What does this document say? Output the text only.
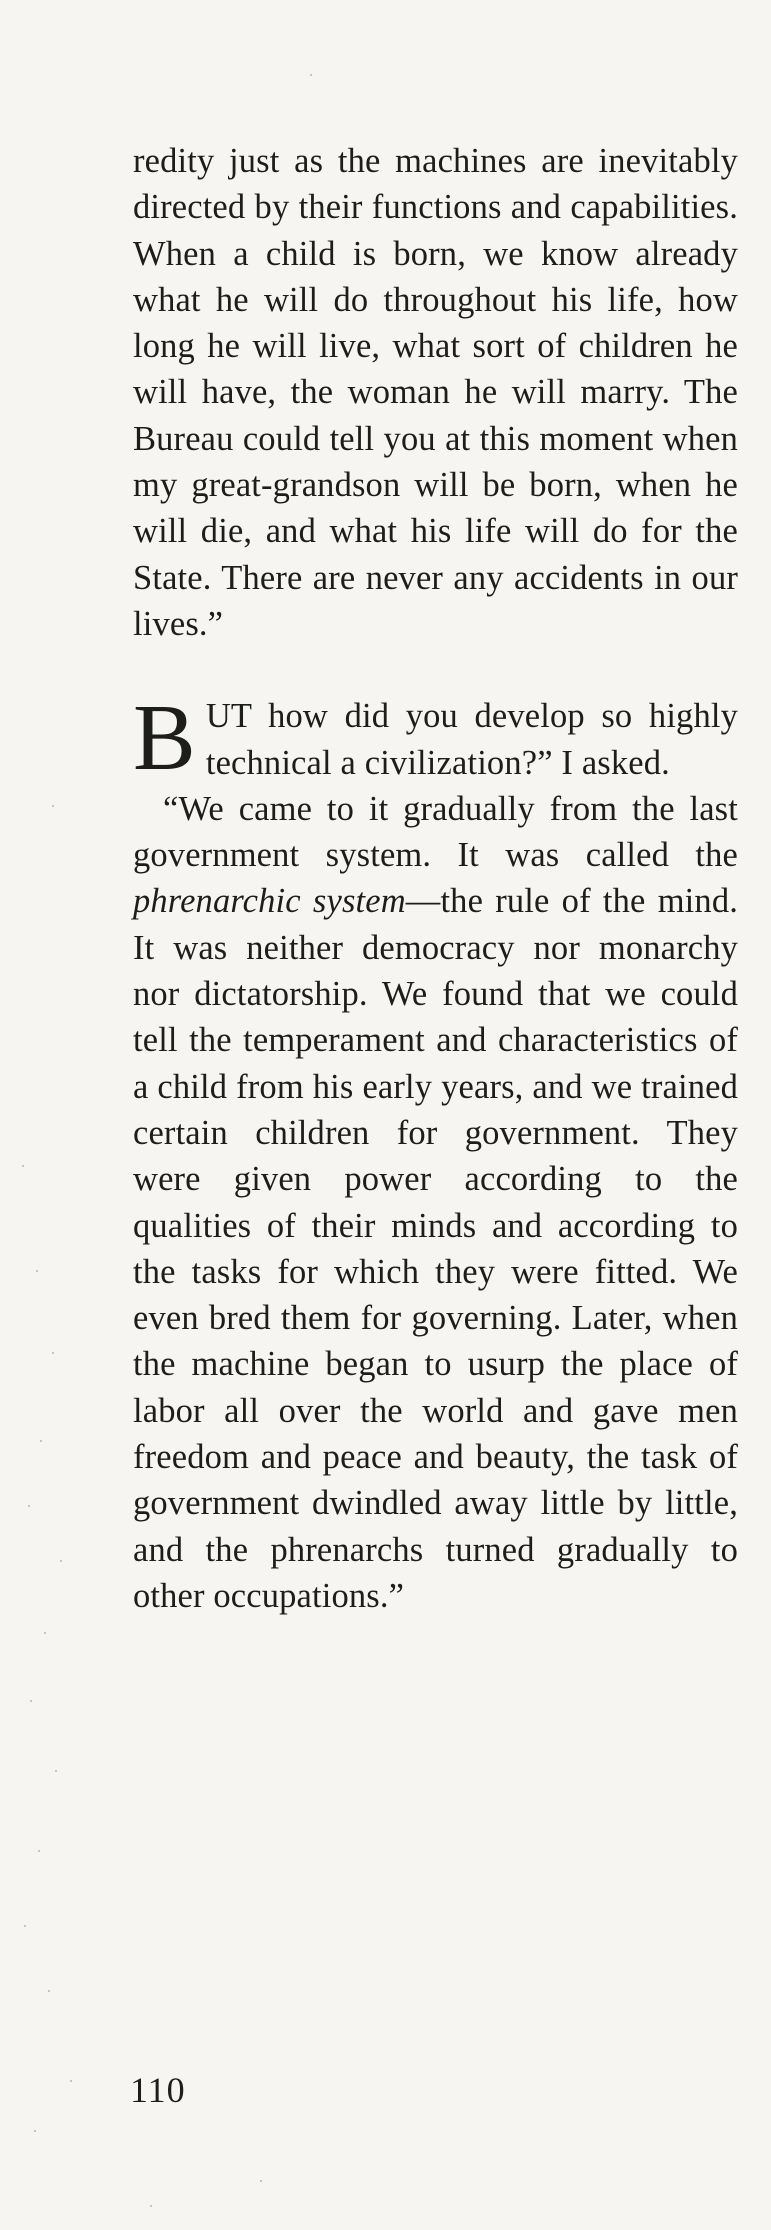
redity just as the machines are inevitably directed by their functions and capabilities. When a child is born, we know already what he will do throughout his life, how long he will live, what sort of children he will have, the woman he will marry. The Bureau could tell you at this moment when my great-grandson will be born, when he will die, and what his life will do for the State. There are never any accidents in our lives.”

BUT how did you develop so highly technical a civilization?” I asked.

“We came to it gradually from the last government system. It was called the phrenarchic system—the rule of the mind. It was neither democracy nor monarchy nor dictatorship. We found that we could tell the temperament and characteristics of a child from his early years, and we trained certain children for government. They were given power according to the qualities of their minds and according to the tasks for which they were fitted. We even bred them for governing. Later, when the machine began to usurp the place of labor all over the world and gave men freedom and peace and beauty, the task of government dwindled away little by little, and the phrenarchs turned gradually to other occupations.”

110
